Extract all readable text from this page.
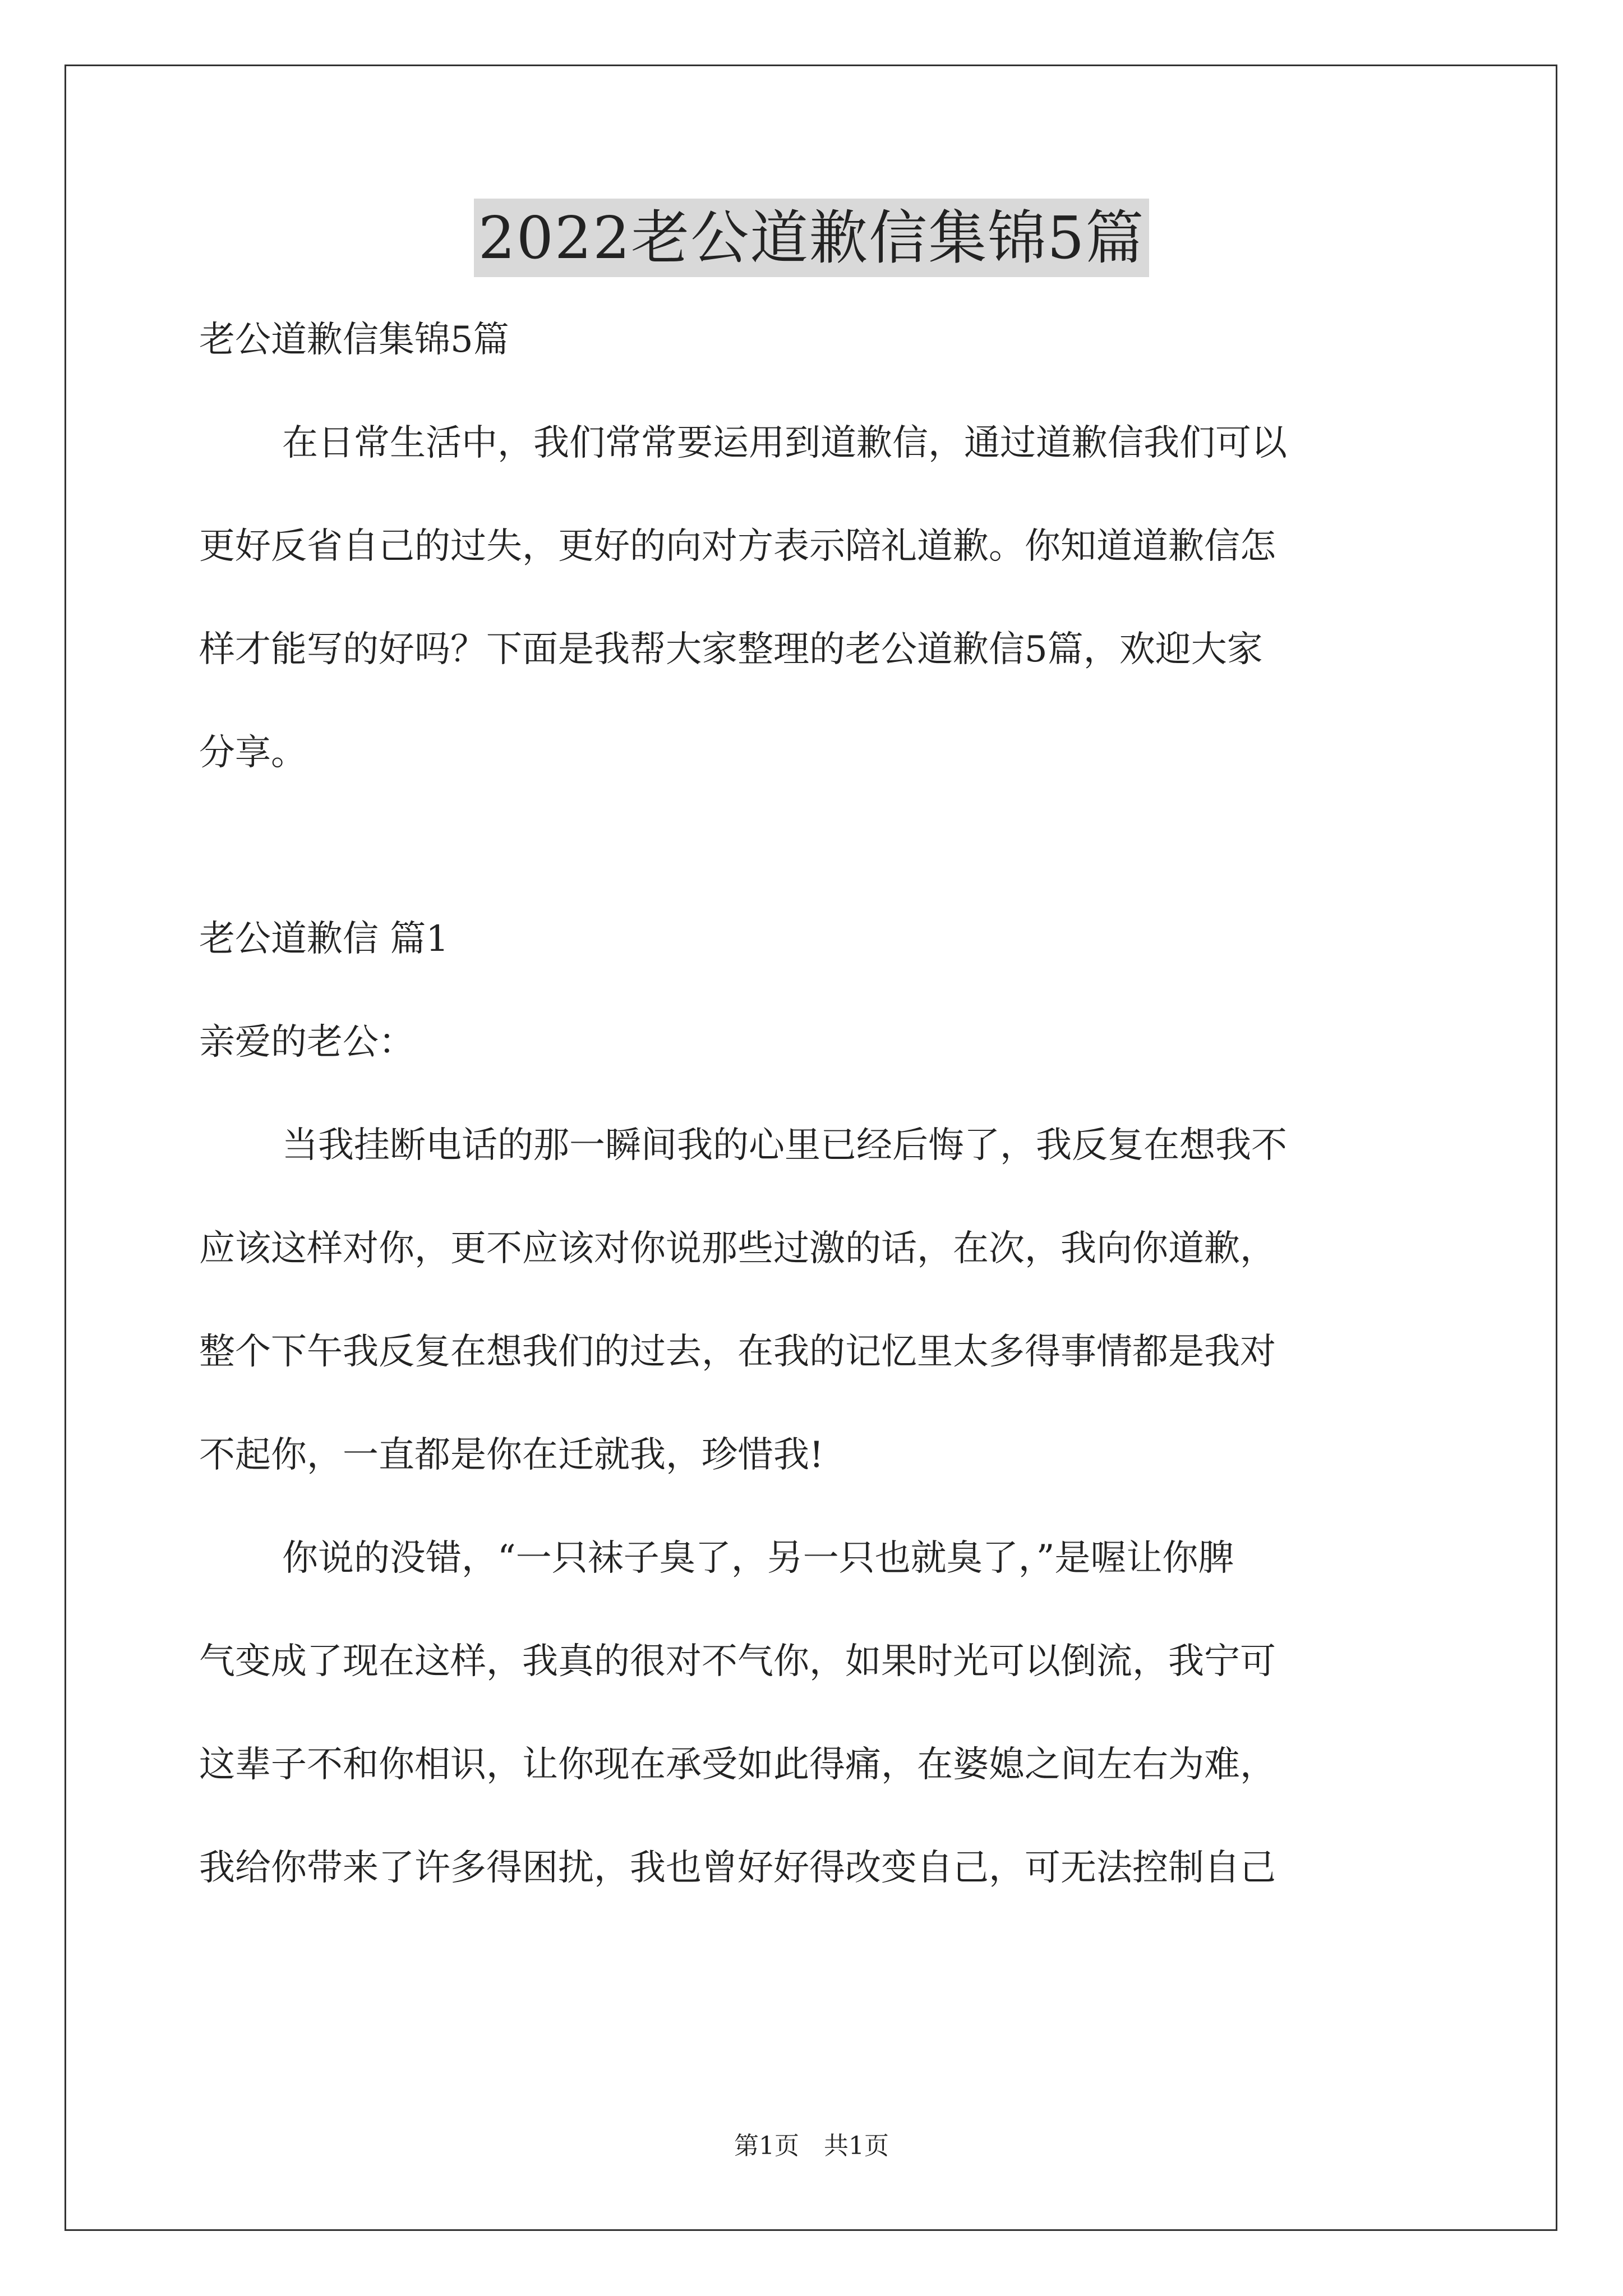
2022老公道歉信集锦5篇

老公道歉信集锦5篇

在日常生活中，我们常常要运用到道歉信，通过道歉信我们可以
更好反省自己的过失，更好的向对方表示陪礼道歉。你知道道歉信怎
样才能写的好吗？下面是我帮大家整理的老公道歉信5篇，欢迎大家
分享。

老公道歉信 篇1

亲爱的老公：

当我挂断电话的那一瞬间我的心里已经后悔了，我反复在想我不
应该这样对你，更不应该对你说那些过激的话，在次，我向你道歉，
整个下午我反复在想我们的过去，在我的记忆里太多得事情都是我对
不起你，一直都是你在迁就我，珍惜我!
你说的没错，“一只袜子臭了，另一只也就臭了，”是喔让你脾
气变成了现在这样，我真的很对不气你，如果时光可以倒流，我宁可
这辈子不和你相识，让你现在承受如此得痛，在婆媳之间左右为难，
我给你带来了许多得困扰，我也曾好好得改变自己，可无法控制自己
第1页　共1页
